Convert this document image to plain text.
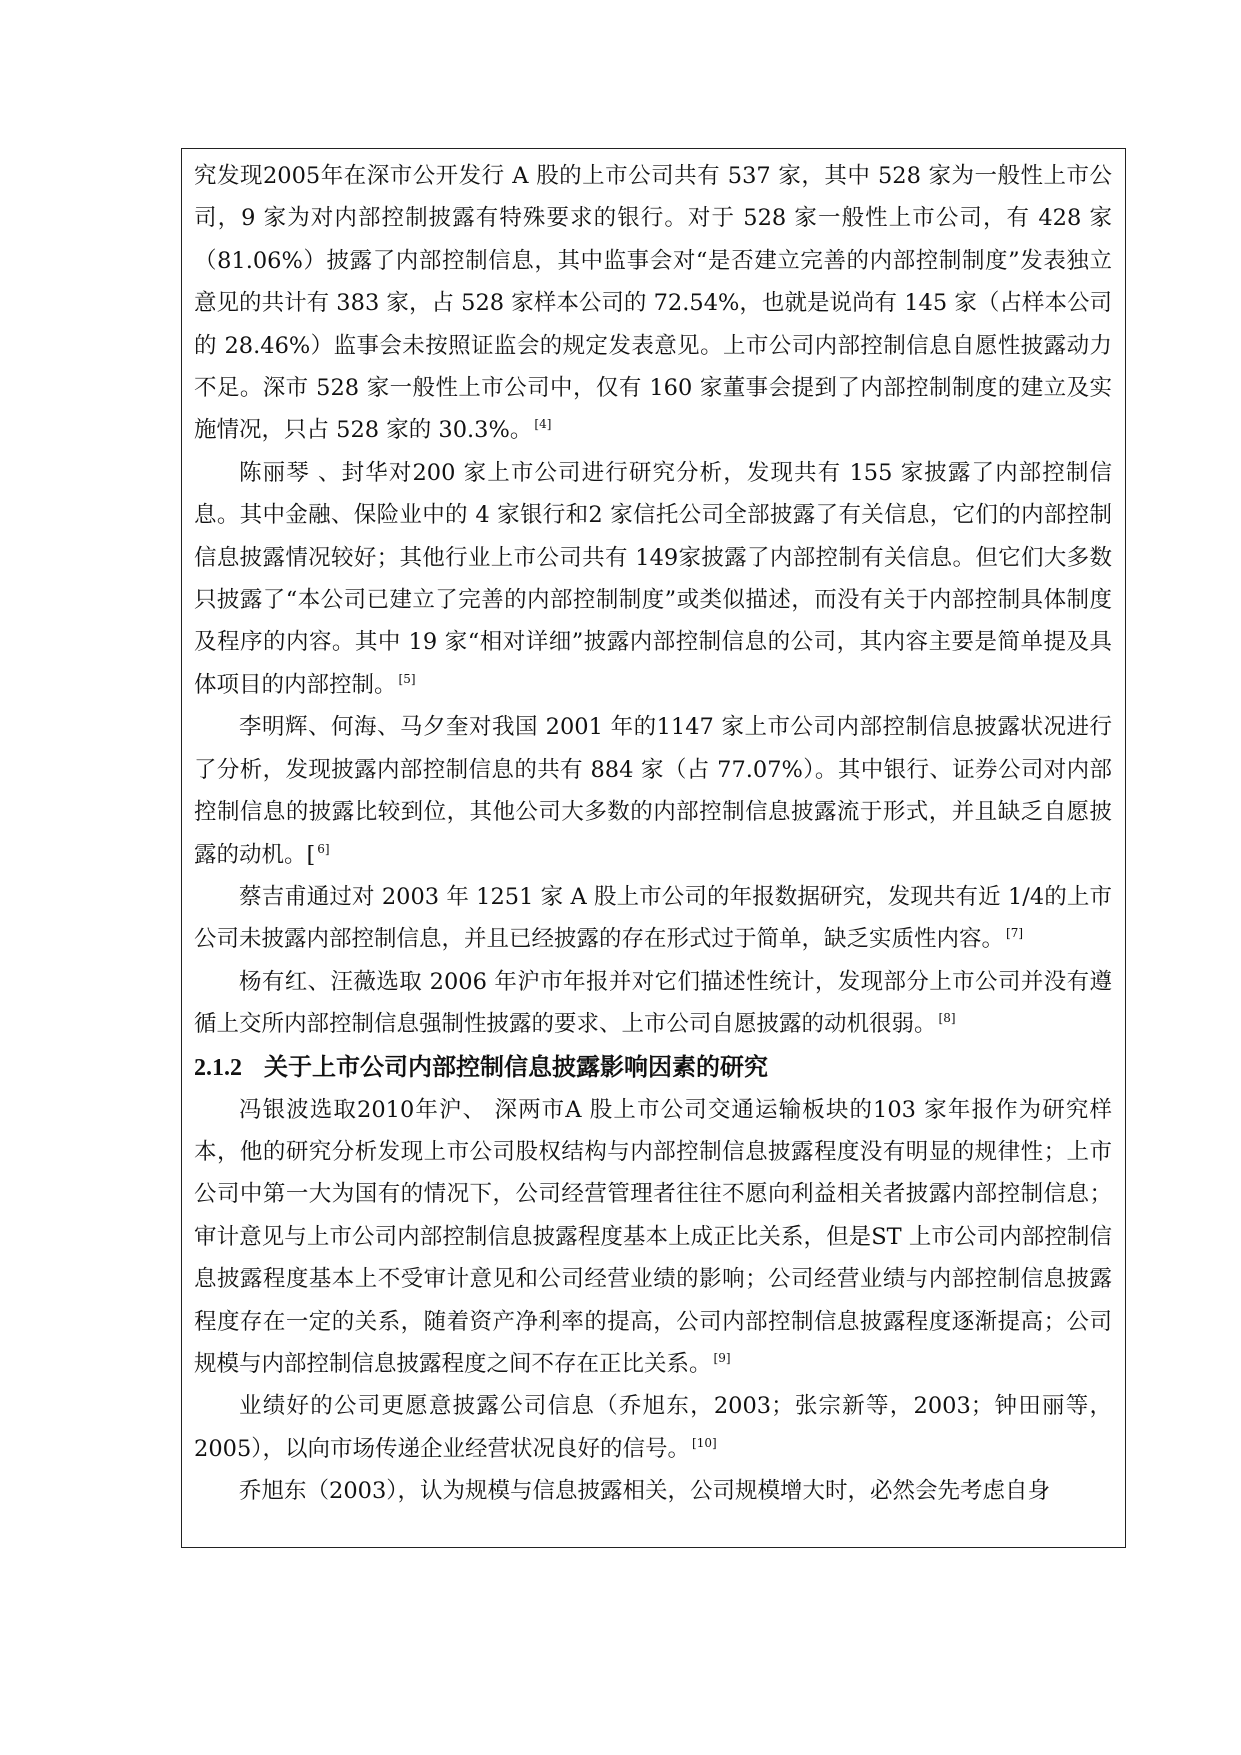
究发现2005年在深市公开发行 A 股的上市公司共有 537 家，其中 528 家为一般性上市公司，9 家为对内部控制披露有特殊要求的银行。对于 528 家一般性上市公司，有 428 家（81.06%）披露了内部控制信息，其中监事会对“是否建立完善的内部控制制度”发表独立意见的共计有 383 家，占 528 家样本公司的 72.54%，也就是说尚有 145 家（占样本公司的 28.46%）监事会未按照证监会的规定发表意见。上市公司内部控制信息自愿性披露动力不足。深市 528 家一般性上市公司中，仅有 160 家董事会提到了内部控制制度的建立及实施情况，只占 528 家的 30.3%。 [4]

陈丽琴 、封华对200 家上市公司进行研究分析，发现共有 155 家披露了内部控制信息。其中金融、保险业中的 4 家银行和2 家信托公司全部披露了有关信息，它们的内部控制信息披露情况较好；其他行业上市公司共有 149家披露了内部控制有关信息。但它们大多数只披露了“本公司已建立了完善的内部控制制度”或类似描述，而没有关于内部控制具体制度及程序的内容。其中 19 家“相对详细”披露内部控制信息的公司，其内容主要是简单提及具体项目的内部控制。 [5]

李明辉、何海、马夕奎对我国 2001 年的1147 家上市公司内部控制信息披露状况进行了分析，发现披露内部控制信息的共有 884 家（占 77.07%）。其中银行、证券公司对内部控制信息的披露比较到位，其他公司大多数的内部控制信息披露流于形式，并且缺乏自愿披露的动机。[ $^{6]}$

蔡吉甫通过对 2003 年 1251 家 A 股上市公司的年报数据研究，发现共有近 1/4的上市公司未披露内部控制信息，并且已经披露的存在形式过于简单，缺乏实质性内容。 [7]

杨有红、汪薇选取 2006 年沪市年报并对它们描述性统计，发现部分上市公司并没有遵循上交所内部控制信息强制性披露的要求、上市公司自愿披露的动机很弱。 [8]

2.1.2 关于上市公司内部控制信息披露影响因素的研究

冯银波选取2010年沪、 深两市A 股上市公司交通运输板块的103 家年报作为研究样本，他的研究分析发现上市公司股权结构与内部控制信息披露程度没有明显的规律性；上市公司中第一大为国有的情况下，公司经营管理者往往不愿向利益相关者披露内部控制信息；审计意见与上市公司内部控制信息披露程度基本上成正比关系，但是ST 上市公司内部控制信息披露程度基本上不受审计意见和公司经营业绩的影响；公司经营业绩与内部控制信息披露程度存在一定的关系，随着资产净利率的提高，公司内部控制信息披露程度逐渐提高；公司规模与内部控制信息披露程度之间不存在正比关系。 [9]

业绩好的公司更愿意披露公司信息（乔旭东，2003；张宗新等，2003；钟田丽等，2005），以向市场传递企业经营状况良好的信号。 [10]

乔旭东（2003），认为规模与信息披露相关，公司规模增大时，必然会先考虑自身
